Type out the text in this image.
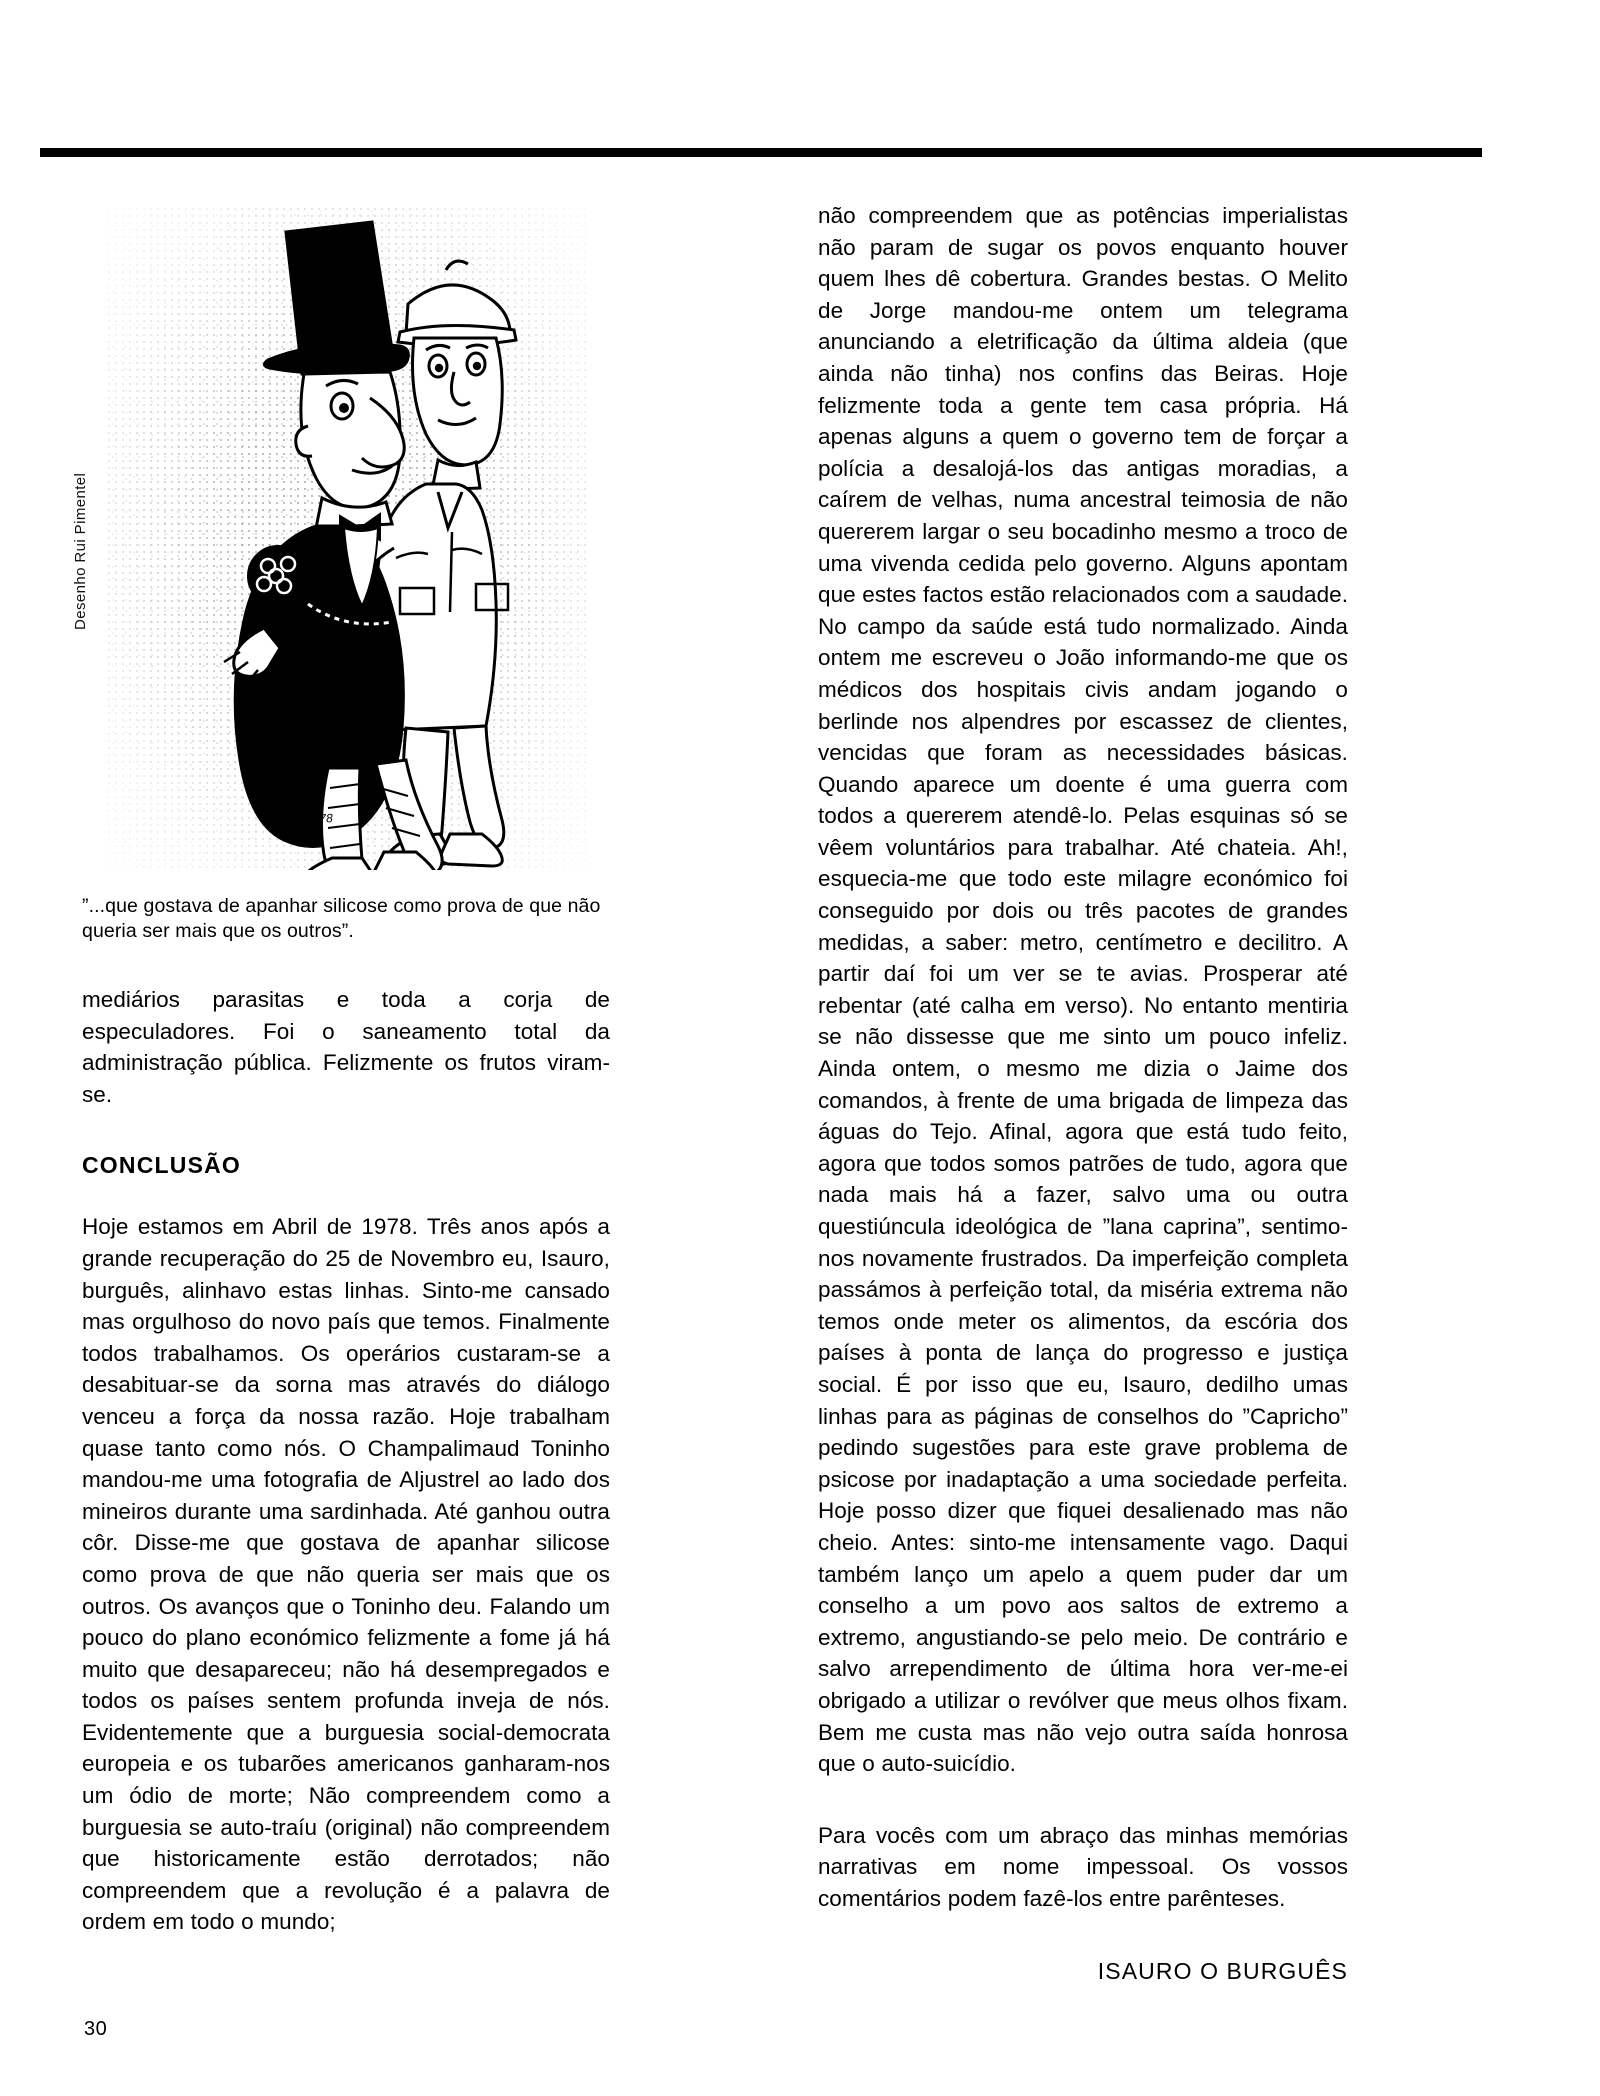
Desenho Rui Pimentel
Rui 78
”...que gostava de apanhar silicose como prova de que não queria ser mais que os outros”.

mediários parasitas e toda a corja de especuladores. Foi o saneamento total da administração pública. Felizmente os frutos viram-se.

CONCLUSÃO

Hoje estamos em Abril de 1978. Três anos após a grande recuperação do 25 de Novembro eu, Isauro, burguês, alinhavo estas linhas. Sinto-me cansado mas orgulhoso do novo país que temos. Finalmente todos trabalhamos. Os operários custaram-se a desabituar-se da sorna mas através do diálogo venceu a força da nossa razão. Hoje trabalham quase tanto como nós. O Champalimaud Toninho mandou-me uma fotografia de Aljustrel ao lado dos mineiros durante uma sardinhada. Até ganhou outra côr. Disse-me que gostava de apanhar silicose como prova de que não queria ser mais que os outros. Os avanços que o Toninho deu. Falando um pouco do plano económico felizmente a fome já há muito que desapareceu; não há desempregados e todos os países sentem profunda inveja de nós. Evidentemente que a burguesia social-democrata europeia e os tubarões americanos ganharam-nos um ódio de morte; Não compreendem como a burguesia se auto-traíu (original) não compreendem que historicamente estão derrotados; não compreendem que a revolução é a palavra de ordem em todo o mundo;

não compreendem que as potências imperialistas não param de sugar os povos enquanto houver quem lhes dê cobertura. Grandes bestas. O Melito de Jorge mandou-me ontem um telegrama anunciando a eletrificação da última aldeia (que ainda não tinha) nos confins das Beiras. Hoje felizmente toda a gente tem casa própria. Há apenas alguns a quem o governo tem de forçar a polícia a desalojá-los das antigas moradias, a caírem de velhas, numa ancestral teimosia de não quererem largar o seu bocadinho mesmo a troco de uma vivenda cedida pelo governo. Alguns apontam que estes factos estão relacionados com a saudade. No campo da saúde está tudo normalizado. Ainda ontem me escreveu o João informando-me que os médicos dos hospitais civis andam jogando o berlinde nos alpendres por escassez de clientes, vencidas que foram as necessidades básicas. Quando aparece um doente é uma guerra com todos a quererem atendê-lo. Pelas esquinas só se vêem voluntários para trabalhar. Até chateia. Ah!, esquecia-me que todo este milagre económico foi conseguido por dois ou três pacotes de grandes medidas, a saber: metro, centímetro e decilitro. A partir daí foi um ver se te avias. Prosperar até rebentar (até calha em verso). No entanto mentiria se não dissesse que me sinto um pouco infeliz. Ainda ontem, o mesmo me dizia o Jaime dos comandos, à frente de uma brigada de limpeza das águas do Tejo. Afinal, agora que está tudo feito, agora que todos somos patrões de tudo, agora que nada mais há a fazer, salvo uma ou outra questiúncula ideológica de ”lana caprina”, sentimo-nos novamente frustrados. Da imperfeição completa passámos à perfeição total, da miséria extrema não temos onde meter os alimentos, da escória dos países à ponta de lança do progresso e justiça social. É por isso que eu, Isauro, dedilho umas linhas para as páginas de conselhos do ”Capricho” pedindo sugestões para este grave problema de psicose por inadaptação a uma sociedade perfeita. Hoje posso dizer que fiquei desalienado mas não cheio. Antes: sinto-me intensamente vago. Daqui também lanço um apelo a quem puder dar um conselho a um povo aos saltos de extremo a extremo, angustiando-se pelo meio. De contrário e salvo arrependimento de última hora ver-me-ei obrigado a utilizar o revólver que meus olhos fixam. Bem me custa mas não vejo outra saída honrosa que o auto-suicídio.

Para vocês com um abraço das minhas memórias narrativas em nome impessoal. Os vossos comentários podem fazê-los entre parênteses.

ISAURO O BURGUÊS
30
